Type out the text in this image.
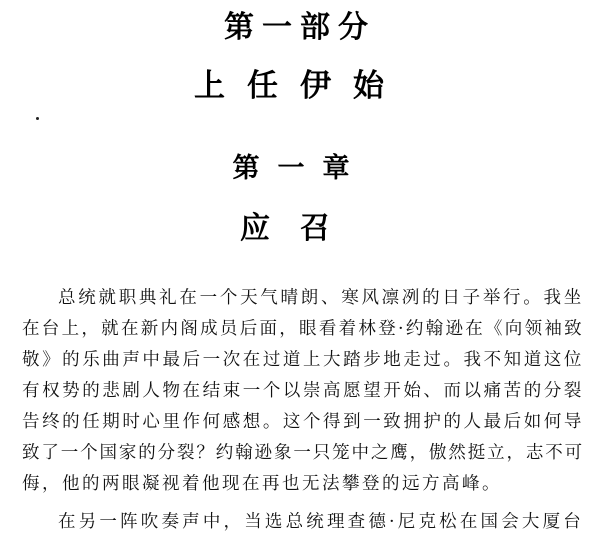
第一部分
上任伊始
第一章
应召
总统就职典礼在一个天气晴朗、寒风凛冽的日子举行。我坐
在台上，就在新内阁成员后面，眼看着林登·约翰逊在《向领袖致
敬》的乐曲声中最后一次在过道上大踏步地走过。我不知道这位
有权势的悲剧人物在结束一个以崇高愿望开始、而以痛苦的分裂
告终的任期时心里作何感想。这个得到一致拥护的人最后如何导
致了一个国家的分裂？约翰逊象一只笼中之鹰，傲然挺立，志不可
侮，他的两眼凝视着他现在再也无法攀登的远方高峰。
在另一阵吹奏声中，当选总统理查德·尼克松在国会大厦台
